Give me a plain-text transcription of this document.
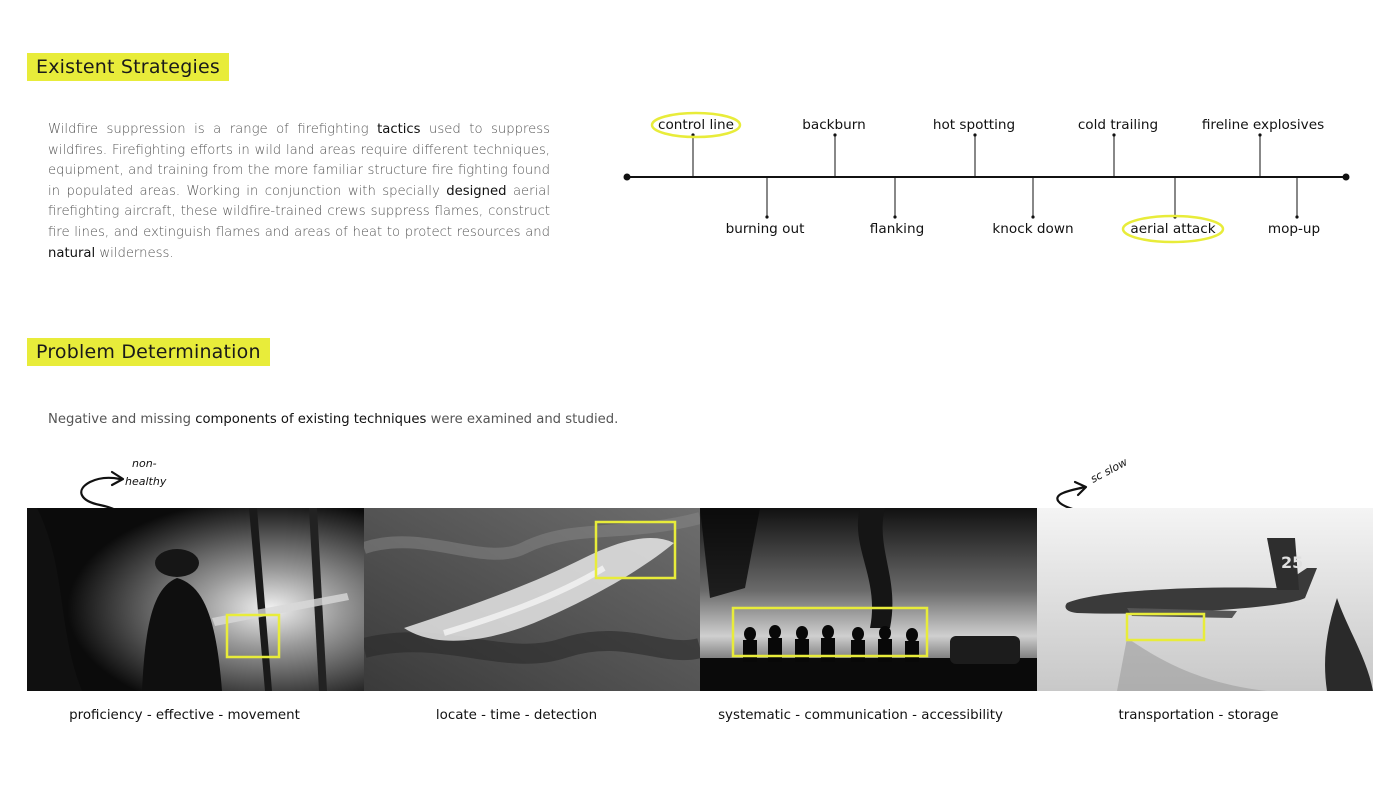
Existent Strategies
Problem Determination
Wildfire suppression is a range of firefighting tactics used to suppress wildfires. Firefighting efforts in wild land areas require different techniques, equipment, and training from the more familiar structure fire fighting found in populated areas. Working in conjunction with specially designed aerial firefighting aircraft, these wildfire-trained crews suppress flames, construct fire lines, and extinguish flames and areas of heat to protect resources and natural wilderness.
control line	backburn	hot spotting	cold trailing	fireline explosives
burning out	flanking	knock down	aerial attack	mop-up
Negative and missing components of existing techniques were examined and studied.
non-
healthy	sc slow
25
proficiency - effective - movement	locate - time - detection	systematic - communication - accessibility	transportation - storage
